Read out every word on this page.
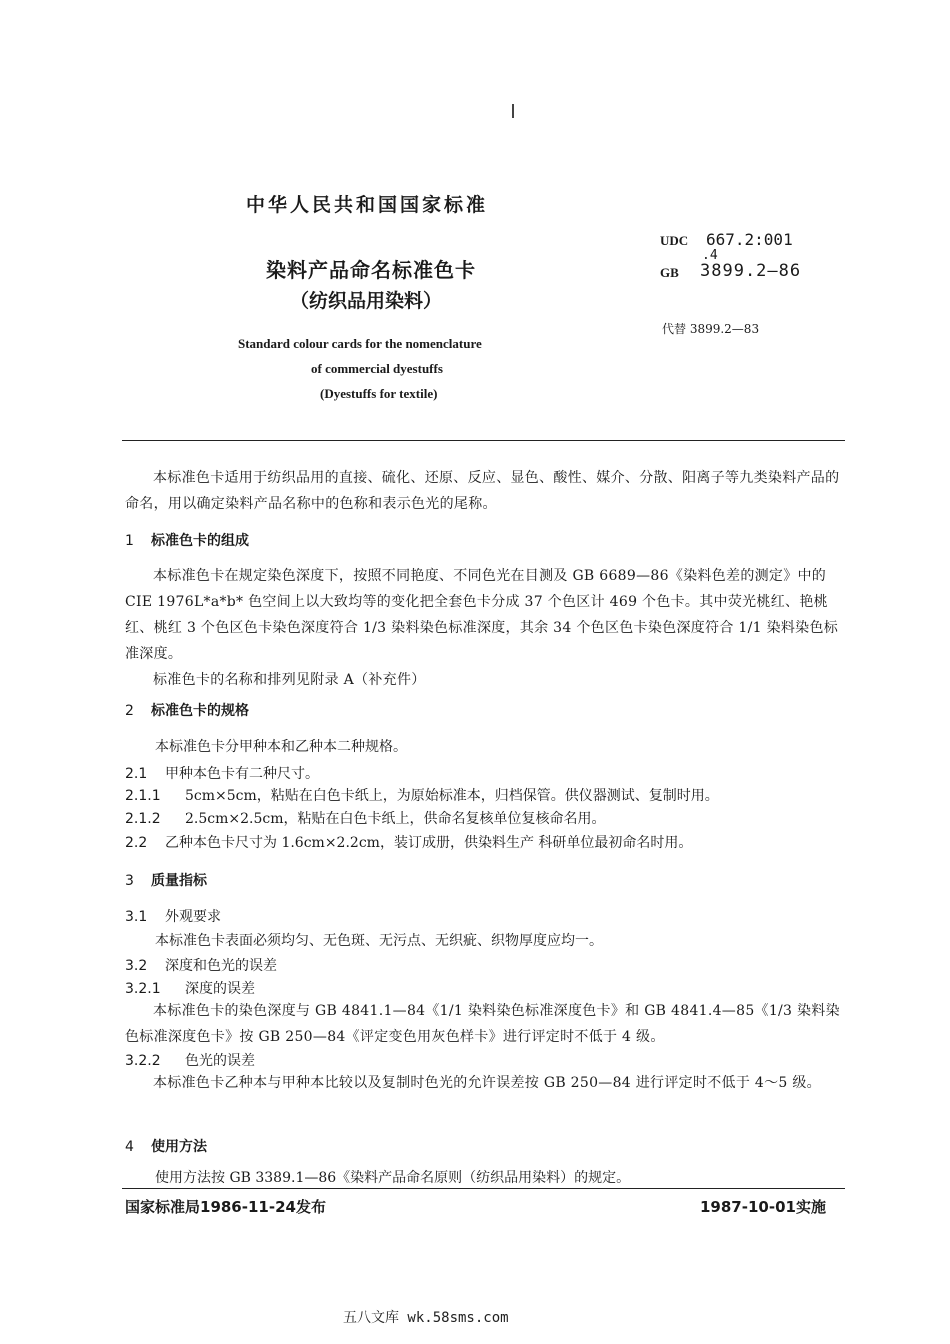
中华人民共和国国家标准
染料产品命名标准色卡
（纺织品用染料）
Standard colour cards for the nomenclature
of commercial dyestuffs
(Dyestuffs for textile)
UDC 667.2:001
.4
GB 3899.2—86
代替 3899.2—83

本标准色卡适用于纺织品用的直接、硫化、还原、反应、显色、酸性、媒介、分散、阳离子等九类染料产品的命名，用以确定染料产品名称中的色称和表示色光的尾称。

1 标准色卡的组成

本标准色卡在规定染色深度下，按照不同艳度、不同色光在目测及 GB 6689—86《染料色差的测定》中的 CIE 1976L*a*b* 色空间上以大致均等的变化把全套色卡分成 37 个色区计 469 个色卡。其中荧光桃红、艳桃红、桃红 3 个色区色卡染色深度符合 1/3 染料染色标准深度，其余 34 个色区色卡染色深度符合 1/1 染料染色标准深度。

标准色卡的名称和排列见附录 A（补充件）

2 标准色卡的规格
本标准色卡分甲种本和乙种本二种规格。
2.1 甲种本色卡有二种尺寸。
2.1.1 5cm×5cm，粘贴在白色卡纸上，为原始标准本，归档保管。供仪器测试、复制时用。
2.1.2 2.5cm×2.5cm，粘贴在白色卡纸上，供命名复核单位复核命名用。
2.2 乙种本色卡尺寸为 1.6cm×2.2cm，装订成册，供染料生产 科研单位最初命名时用。
3 质量指标
3.1 外观要求
本标准色卡表面必须均匀、无色斑、无污点、无织疵、织物厚度应均一。
3.2 深度和色光的误差
3.2.1 深度的误差

本标准色卡的染色深度与 GB 4841.1—84《1/1 染料染色标准深度色卡》和 GB 4841.4—85《1/3 染料染色标准深度色卡》按 GB 250—84《评定变色用灰色样卡》进行评定时不低于 4 级。

3.2.2 色光的误差

本标准色卡乙种本与甲种本比较以及复制时色光的允许误差按 GB 250—84 进行评定时不低于 4～5 级。

4 使用方法
使用方法按 GB 3389.1—86《染料产品命名原则（纺织品用染料）的规定。
国家标准局1986-11-24发布	1987-10-01实施
五八文库 wk.58sms.com
